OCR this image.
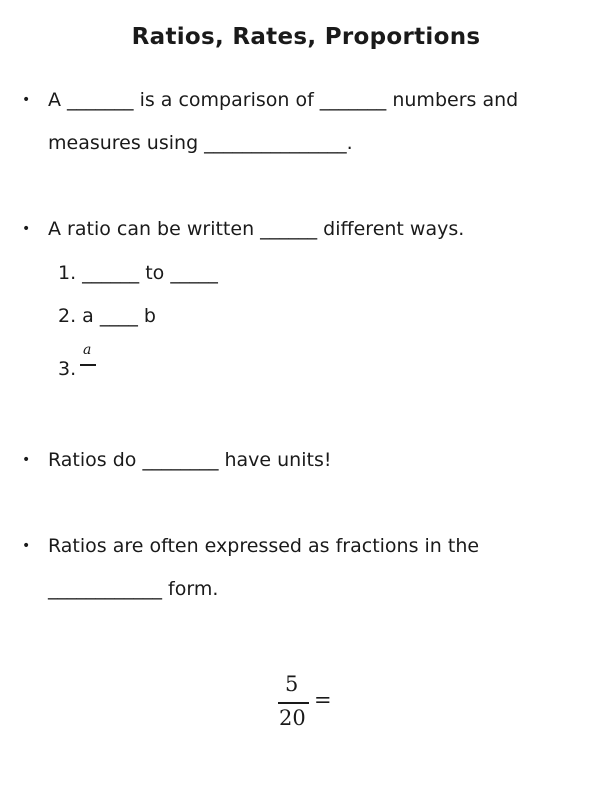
Ratios, Rates, Proportions
• A _______ is a comparison of _______ numbers and
measures using _______________.
• A ratio can be written ______ different ways.
1. ______ to _____
2. a ____ b
3.
a
• Ratios do ________ have units!
• Ratios are often expressed as fractions in the
____________ form.
5
20
=
